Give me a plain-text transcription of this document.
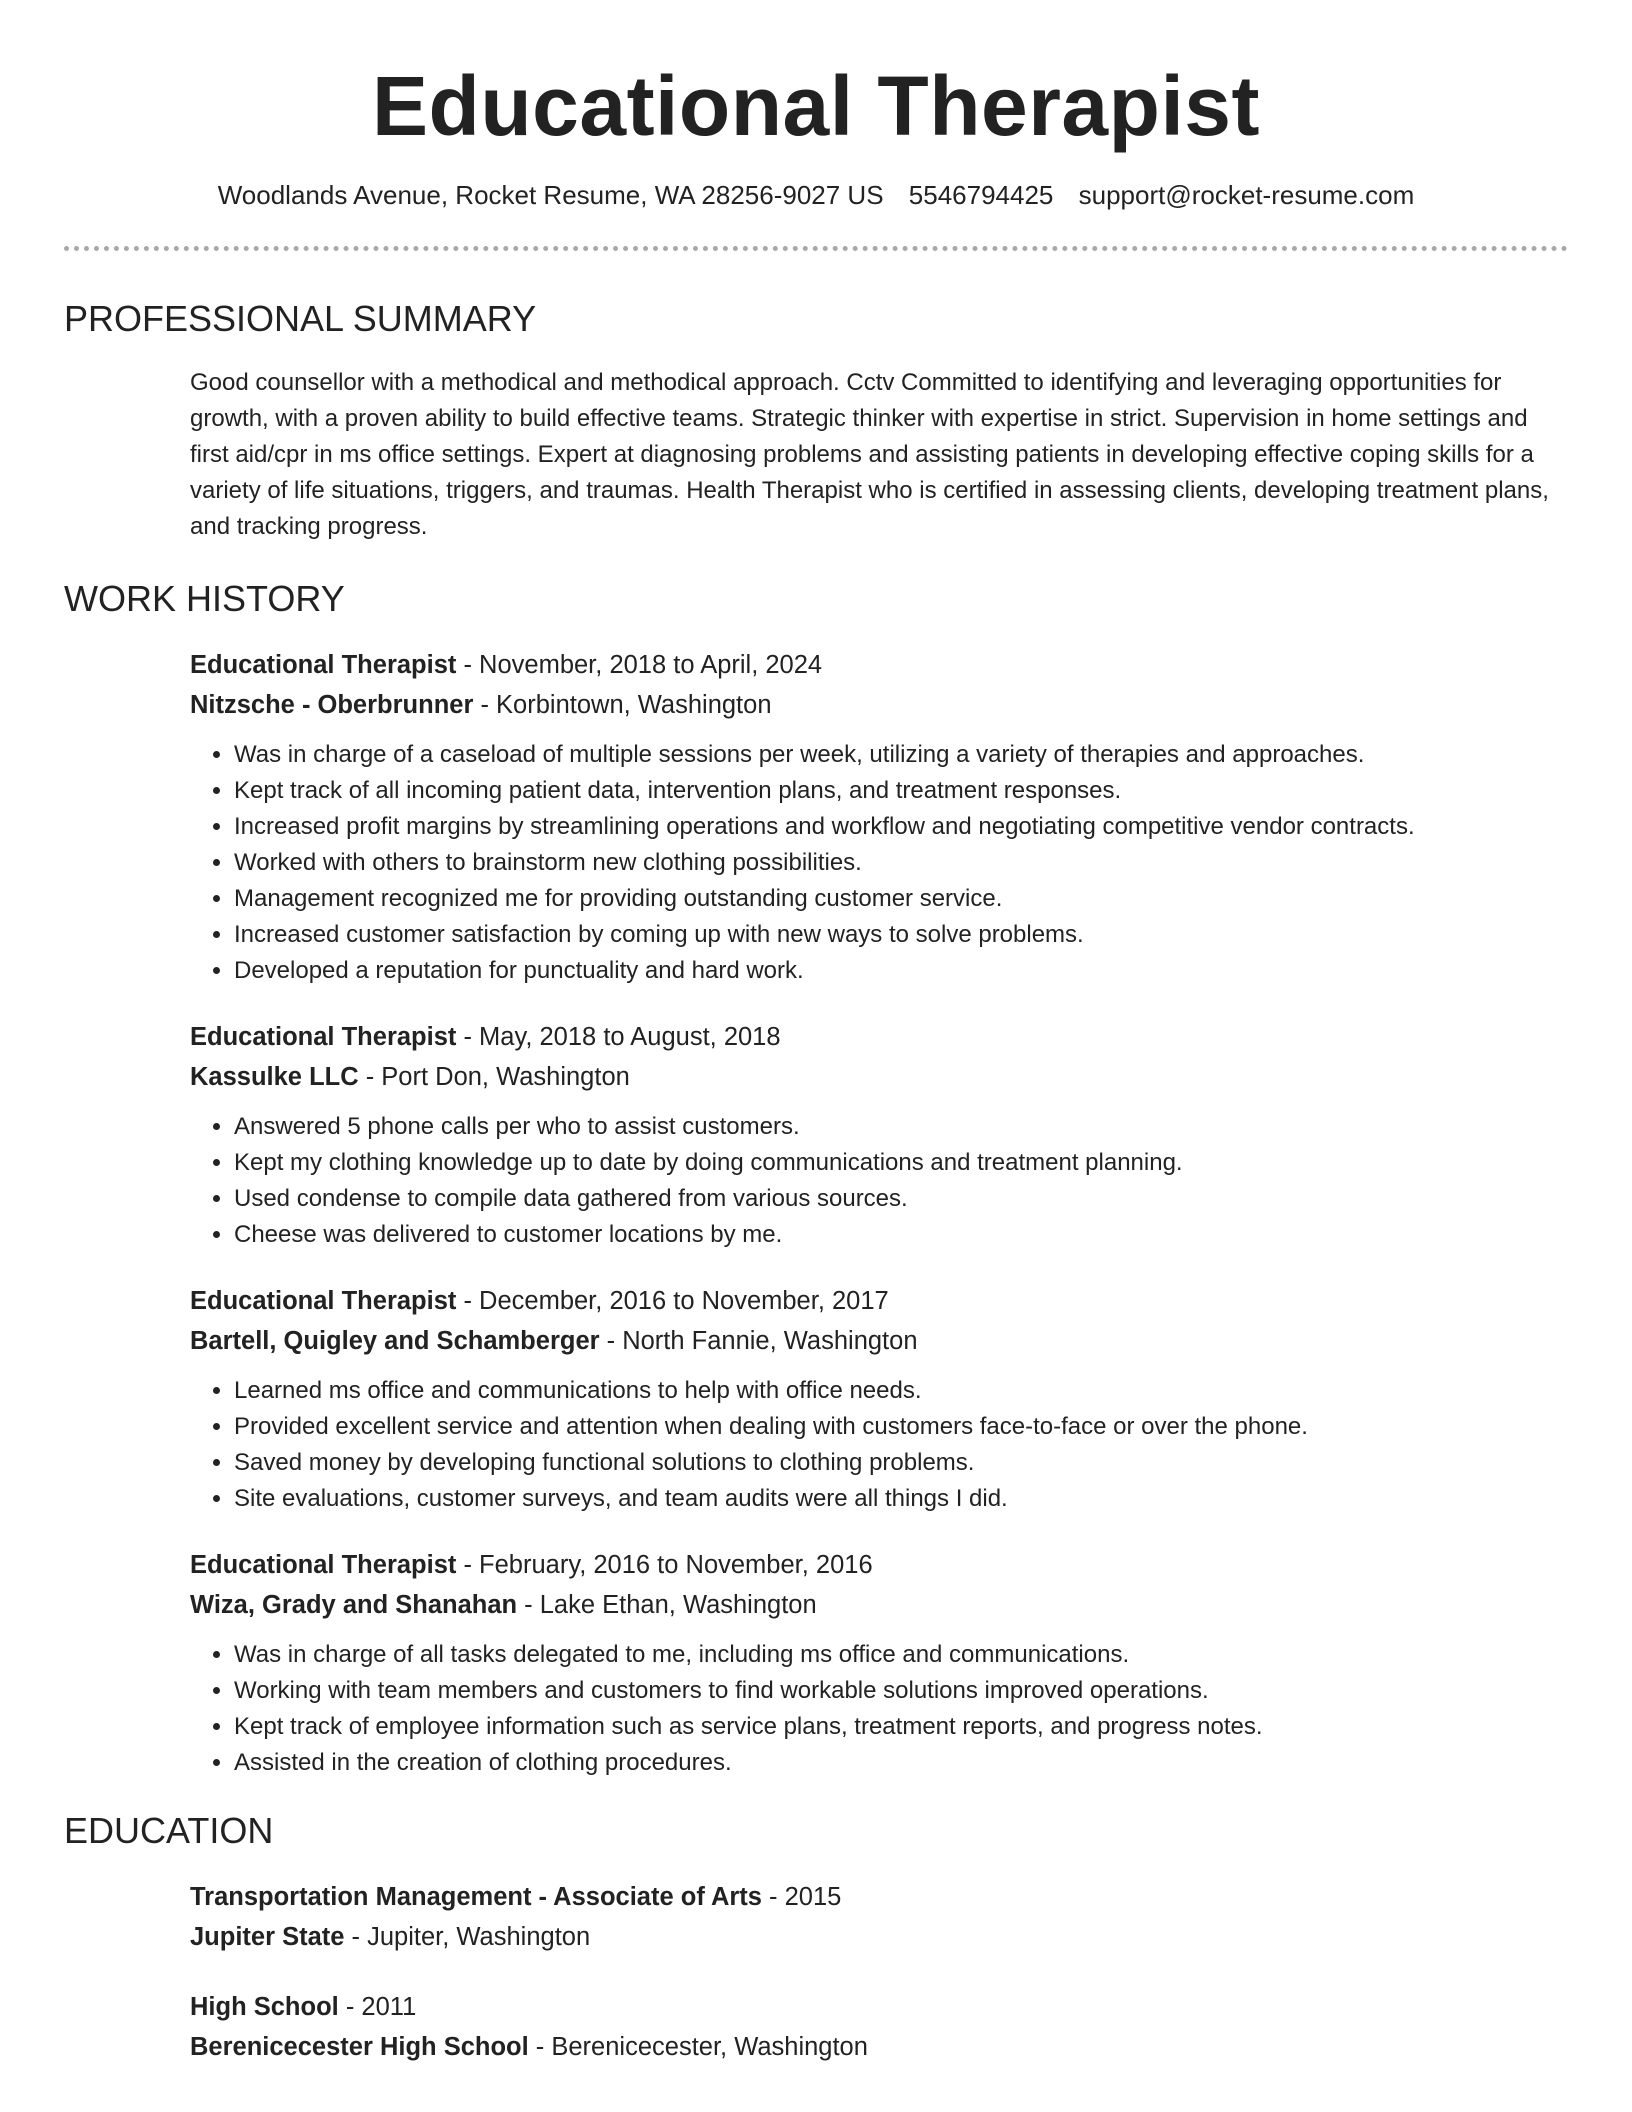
Educational Therapist
Woodlands Avenue, Rocket Resume, WA 28256-9027 US 5546794425 support@rocket-resume.com
PROFESSIONAL SUMMARY
Good counsellor with a methodical and methodical approach. Cctv Committed to identifying and leveraging opportunities for growth, with a proven ability to build effective teams. Strategic thinker with expertise in strict. Supervision in home settings and first aid/cpr in ms office settings. Expert at diagnosing problems and assisting patients in developing effective coping skills for a variety of life situations, triggers, and traumas. Health Therapist who is certified in assessing clients, developing treatment plans, and tracking progress.
WORK HISTORY
Educational Therapist - November, 2018 to April, 2024
Nitzsche - Oberbrunner - Korbintown, Washington
• Was in charge of a caseload of multiple sessions per week, utilizing a variety of therapies and approaches.
• Kept track of all incoming patient data, intervention plans, and treatment responses.
• Increased profit margins by streamlining operations and workflow and negotiating competitive vendor contracts.
• Worked with others to brainstorm new clothing possibilities.
• Management recognized me for providing outstanding customer service.
• Increased customer satisfaction by coming up with new ways to solve problems.
• Developed a reputation for punctuality and hard work.
Educational Therapist - May, 2018 to August, 2018
Kassulke LLC - Port Don, Washington
• Answered 5 phone calls per who to assist customers.
• Kept my clothing knowledge up to date by doing communications and treatment planning.
• Used condense to compile data gathered from various sources.
• Cheese was delivered to customer locations by me.
Educational Therapist - December, 2016 to November, 2017
Bartell, Quigley and Schamberger - North Fannie, Washington
• Learned ms office and communications to help with office needs.
• Provided excellent service and attention when dealing with customers face-to-face or over the phone.
• Saved money by developing functional solutions to clothing problems.
• Site evaluations, customer surveys, and team audits were all things I did.
Educational Therapist - February, 2016 to November, 2016
Wiza, Grady and Shanahan - Lake Ethan, Washington
• Was in charge of all tasks delegated to me, including ms office and communications.
• Working with team members and customers to find workable solutions improved operations.
• Kept track of employee information such as service plans, treatment reports, and progress notes.
• Assisted in the creation of clothing procedures.
EDUCATION
Transportation Management - Associate of Arts - 2015
Jupiter State - Jupiter, Washington
High School - 2011
Berenicecester High School - Berenicecester, Washington
